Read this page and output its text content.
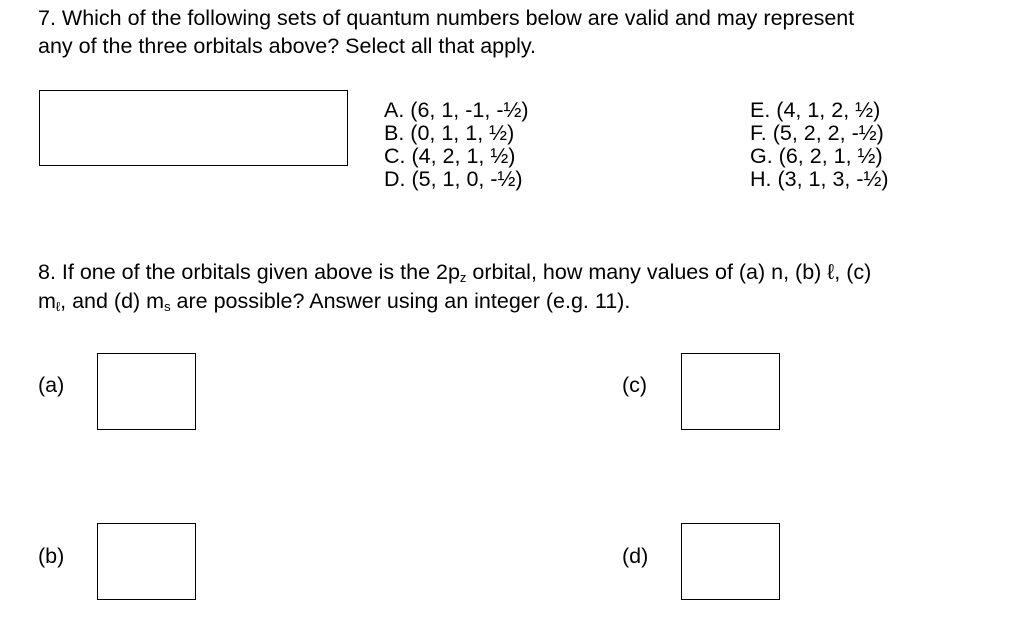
7. Which of the following sets of quantum numbers below are valid and may represent

any of the three orbitals above? Select all that apply.

A. (6, 1, -1, -½)
B. (0, 1, 1, ½)
C. (4, 2, 1, ½)
D. (5, 1, 0, -½)
E. (4, 1, 2, ½)
F. (5, 2, 2, -½)
G. (6, 2, 1, ½)
H. (3, 1, 3, -½)

8. If one of the orbitals given above is the $2p_z$ orbital, how many values of (a) n, (b) ℓ, (c)

$m_\ell$, and (d) $m_s$ are possible? Answer using an integer (e.g. 11).

(a)
(b)
(c)
(d)
